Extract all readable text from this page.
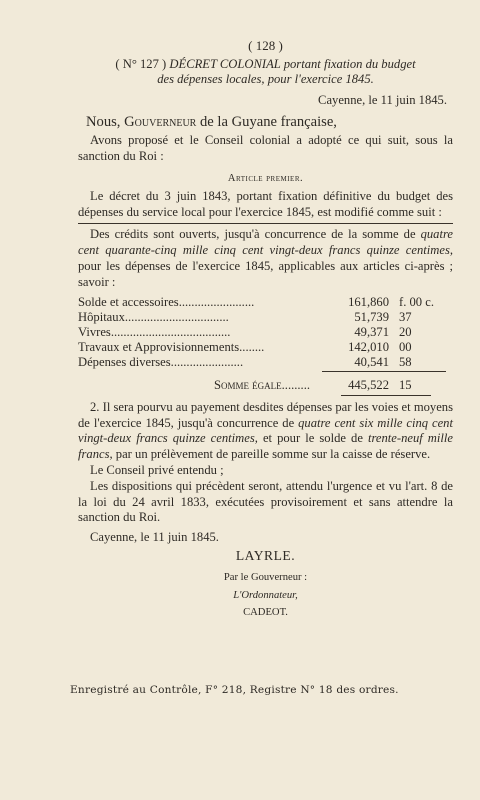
( 128 )
( N° 127 ) DÉCRET COLONIAL portant fixation du budget
des dépenses locales, pour l'exercice 1845.
Cayenne, le 11 juin 1845.
Nous, Gouverneur de la Guyane française,

Avons proposé et le Conseil colonial a adopté ce qui suit, sous la sanction du Roi :

Article premier.

Le décret du 3 juin 1843, portant fixation définitive du budget des dépenses du service local pour l'exercice 1845, est modifié comme suit :

Des crédits sont ouverts, jusqu'à concurrence de la somme de quatre cent quarante-cinq mille cinq cent vingt-deux francs quinze centimes, pour les dépenses de l'exercice 1845, applicables aux articles ci-après ; savoir :

Solde et accessoires........................	161,860	f. 00 c.
Hôpitaux.................................	51,739	37
Vivres......................................	49,371	20
Travaux et Approvisionnements........	142,010	00
Dépenses diverses.......................	40,541	58
Somme égale.........	445,522	15

2. Il sera pourvu au payement desdites dépenses par les voies et moyens de l'exercice 1845, jusqu'à concurrence de quatre cent six mille cinq cent vingt-deux francs quinze centimes, et pour le solde de trente-neuf mille francs, par un prélèvement de pareille somme sur la caisse de réserve.

Le Conseil privé entendu ;

Les dispositions qui précèdent seront, attendu l'urgence et vu l'art. 8 de la loi du 24 avril 1833, exécutées provisoirement et sans attendre la sanction du Roi.

Cayenne, le 11 juin 1845.

LAYRLE.
Par le Gouverneur :
L'Ordonnateur,
CADEOT.
Enregistré au Contrôle, F° 218, Registre N° 18 des ordres.
